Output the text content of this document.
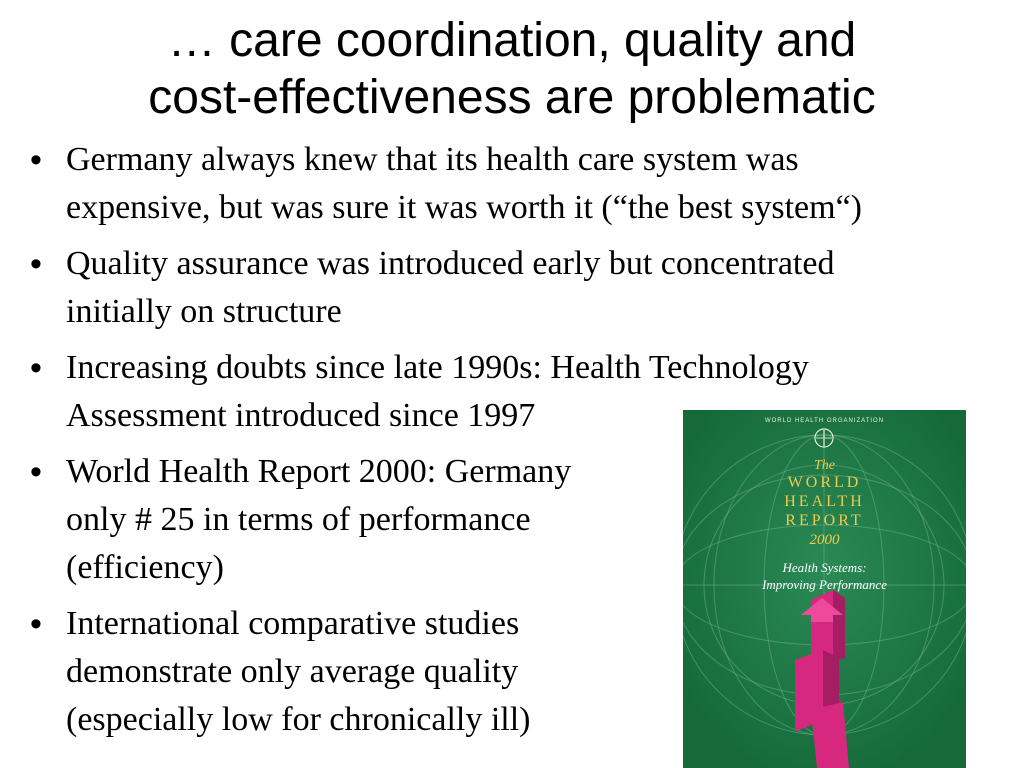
… care coordination, quality and
cost-effectiveness are problematic
• Germany always knew that its health care system was
expensive, but was sure it was worth it (“the best system“)
• Quality assurance was introduced early but concentrated
initially on structure
• Increasing doubts since late 1990s: Health Technology
Assessment introduced since 1997
• World Health Report 2000: Germany
only # 25 in terms of performance
(efficiency)
• International comparative studies
demonstrate only average quality
(especially low for chronically ill)
WORLD HEALTH ORGANIZATION
The
WORLD
HEALTH
REPORT
2000
Health Systems:
Improving Performance
